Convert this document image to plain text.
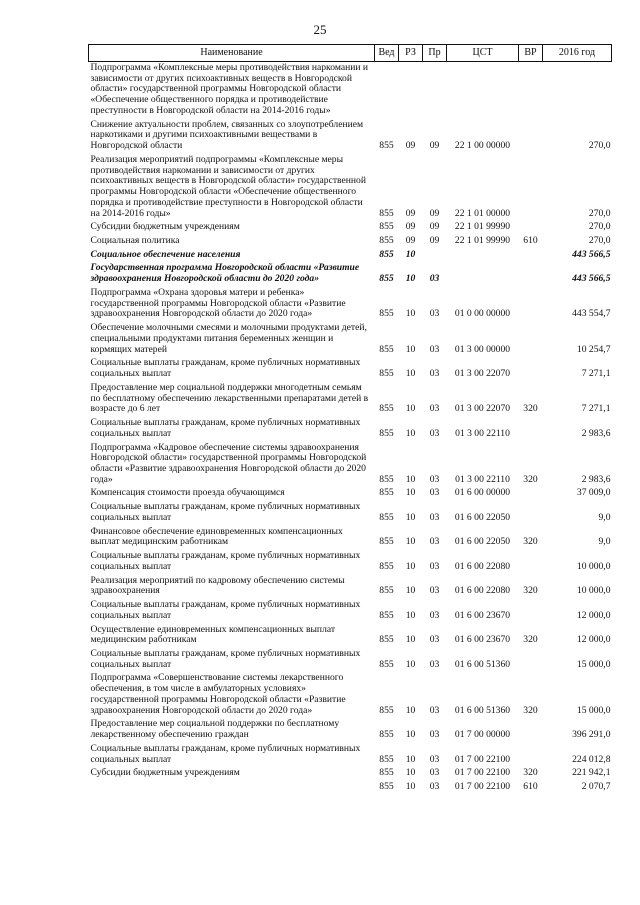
25
Наименование	Вед	РЗ	Пр	ЦСТ	ВР	2016 год
Подпрограмма «Комплексные меры противодействия наркомании и зависимости от других психоактивных веществ в Новгородской области» государственной программы Новгородской области «Обеспечение общественного порядка и противодействие преступности в Новгородской области на 2014-2016 годы»						
Снижение актуальности проблем, связанных со злоупотреблением наркотиками и другими психоактивными веществами в Новгородской области	855	09	09	22 1 00 00000		270,0
Реализация мероприятий подпрограммы «Комплексные меры противодействия наркомании и зависимости от других психоактивных веществ в Новгородской области» государственной программы Новгородской области «Обеспечение общественного порядка и противодействие преступности в Новгородской области на 2014-2016 годы»	855	09	09	22 1 01 00000		270,0
Субсидии бюджетным учреждениям	855	09	09	22 1 01 99990		270,0
Социальная политика	855	09	09	22 1 01 99990	610	270,0
Социальное обеспечение населения	855	10				443 566,5
Государственная программа Новгородской области «Развитие здравоохранения Новгородской области до 2020 года»	855	10	03			443 566,5
Подпрограмма «Охрана здоровья матери и ребенка» государственной программы Новгородской области «Развитие здравоохранения Новгородской области до 2020 года»	855	10	03	01 0 00 00000		443 554,7
Обеспечение молочными смесями и молочными продуктами детей, специальными продуктами питания беременных женщин и кормящих матерей	855	10	03	01 3 00 00000		10 254,7
Социальные выплаты гражданам, кроме публичных нормативных социальных выплат	855	10	03	01 3 00 22070		7 271,1
Предоставление мер социальной поддержки многодетным семьям по бесплатному обеспечению лекарственными препаратами детей в возрасте до 6 лет	855	10	03	01 3 00 22070	320	7 271,1
Социальные выплаты гражданам, кроме публичных нормативных социальных выплат	855	10	03	01 3 00 22110		2 983,6
Подпрограмма «Кадровое обеспечение системы здравоохранения Новгородской области» государственной программы Новгородской области «Развитие здравоохранения Новгородской области до 2020 года»	855	10	03	01 3 00 22110	320	2 983,6
Компенсация стоимости проезда обучающимся	855	10	03	01 6 00 00000		37 009,0
Социальные выплаты гражданам, кроме публичных нормативных социальных выплат	855	10	03	01 6 00 22050		9,0
Финансовое обеспечение единовременных компенсационных выплат медицинским работникам	855	10	03	01 6 00 22050	320	9,0
Социальные выплаты гражданам, кроме публичных нормативных социальных выплат	855	10	03	01 6 00 22080		10 000,0
Реализация мероприятий по кадровому обеспечению системы здравоохранения	855	10	03	01 6 00 22080	320	10 000,0
Социальные выплаты гражданам, кроме публичных нормативных социальных выплат	855	10	03	01 6 00 23670		12 000,0
Осуществление единовременных компенсационных выплат медицинским работникам	855	10	03	01 6 00 23670	320	12 000,0
Социальные выплаты гражданам, кроме публичных нормативных социальных выплат	855	10	03	01 6 00 51360		15 000,0
Подпрограмма «Совершенствование системы лекарственного обеспечения, в том числе в амбулаторных условиях» государственной программы Новгородской области «Развитие здравоохранения Новгородской области до 2020 года»	855	10	03	01 6 00 51360	320	15 000,0
Предоставление мер социальной поддержки по бесплатному лекарственному обеспечению граждан	855	10	03	01 7 00 00000		396 291,0
Социальные выплаты гражданам, кроме публичных нормативных социальных выплат	855	10	03	01 7 00 22100		224 012,8
Субсидии бюджетным учреждениям	855	10	03	01 7 00 22100	320	221 942,1
	855	10	03	01 7 00 22100	610	2 070,7
